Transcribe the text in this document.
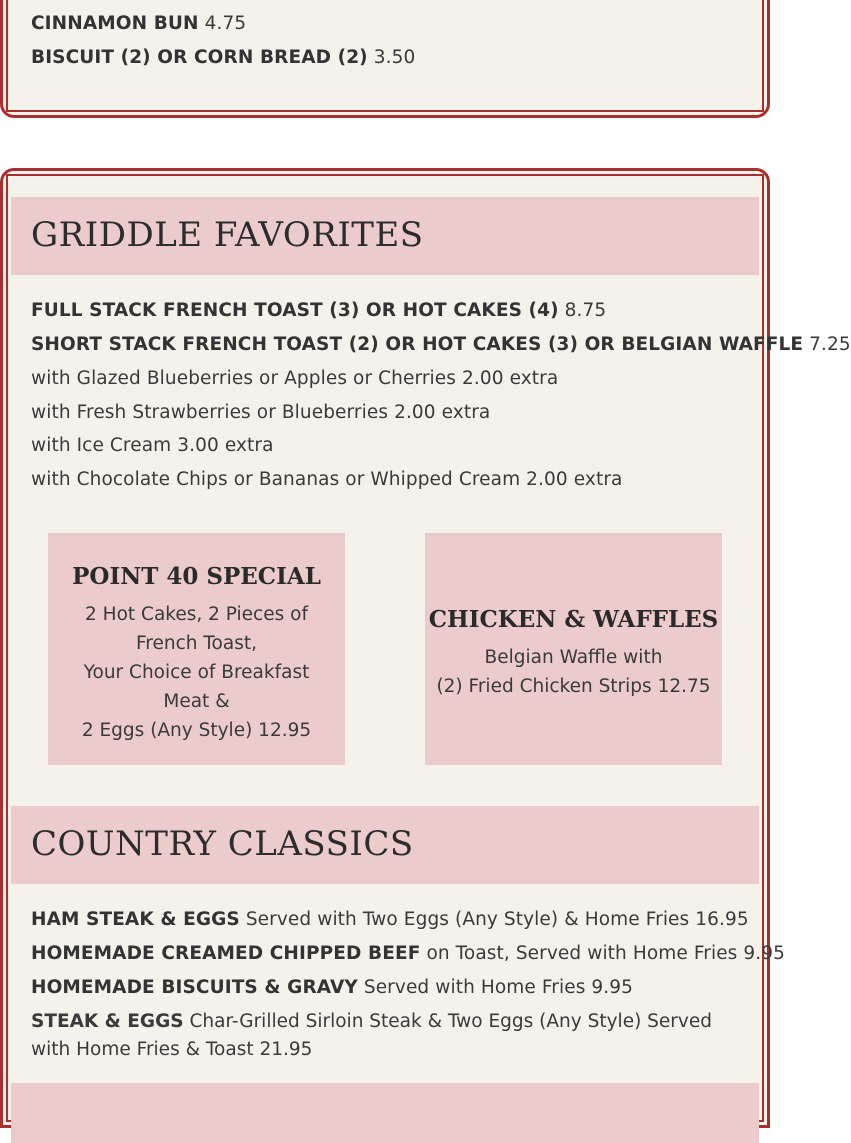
CINNAMON BUN 4.75
BISCUIT (2) OR CORN BREAD (2) 3.50
GRIDDLE FAVORITES
FULL STACK FRENCH TOAST (3) OR HOT CAKES (4) 8.75
SHORT STACK FRENCH TOAST (2) OR HOT CAKES (3) OR BELGIAN WAFFLE 7.25
with Glazed Blueberries or Apples or Cherries 2.00 extra
with Fresh Strawberries or Blueberries 2.00 extra
with Ice Cream 3.00 extra
with Chocolate Chips or Bananas or Whipped Cream 2.00 extra
COUNTRY CLASSICS
HAM STEAK & EGGS Served with Two Eggs (Any Style) & Home Fries 16.95
HOMEMADE CREAMED CHIPPED BEEF on Toast, Served with Home Fries 9.95
HOMEMADE BISCUITS & GRAVY Served with Home Fries 9.95
STEAK & EGGS Char-Grilled Sirloin Steak & Two Eggs (Any Style) Served with Home Fries & Toast 21.95
POINT 40 SPECIAL
2 Hot Cakes, 2 Pieces of
French Toast,
Your Choice of Breakfast
Meat &
2 Eggs (Any Style) 12.95
CHICKEN & WAFFLES
Belgian Waffle with
(2) Fried Chicken Strips 12.75
